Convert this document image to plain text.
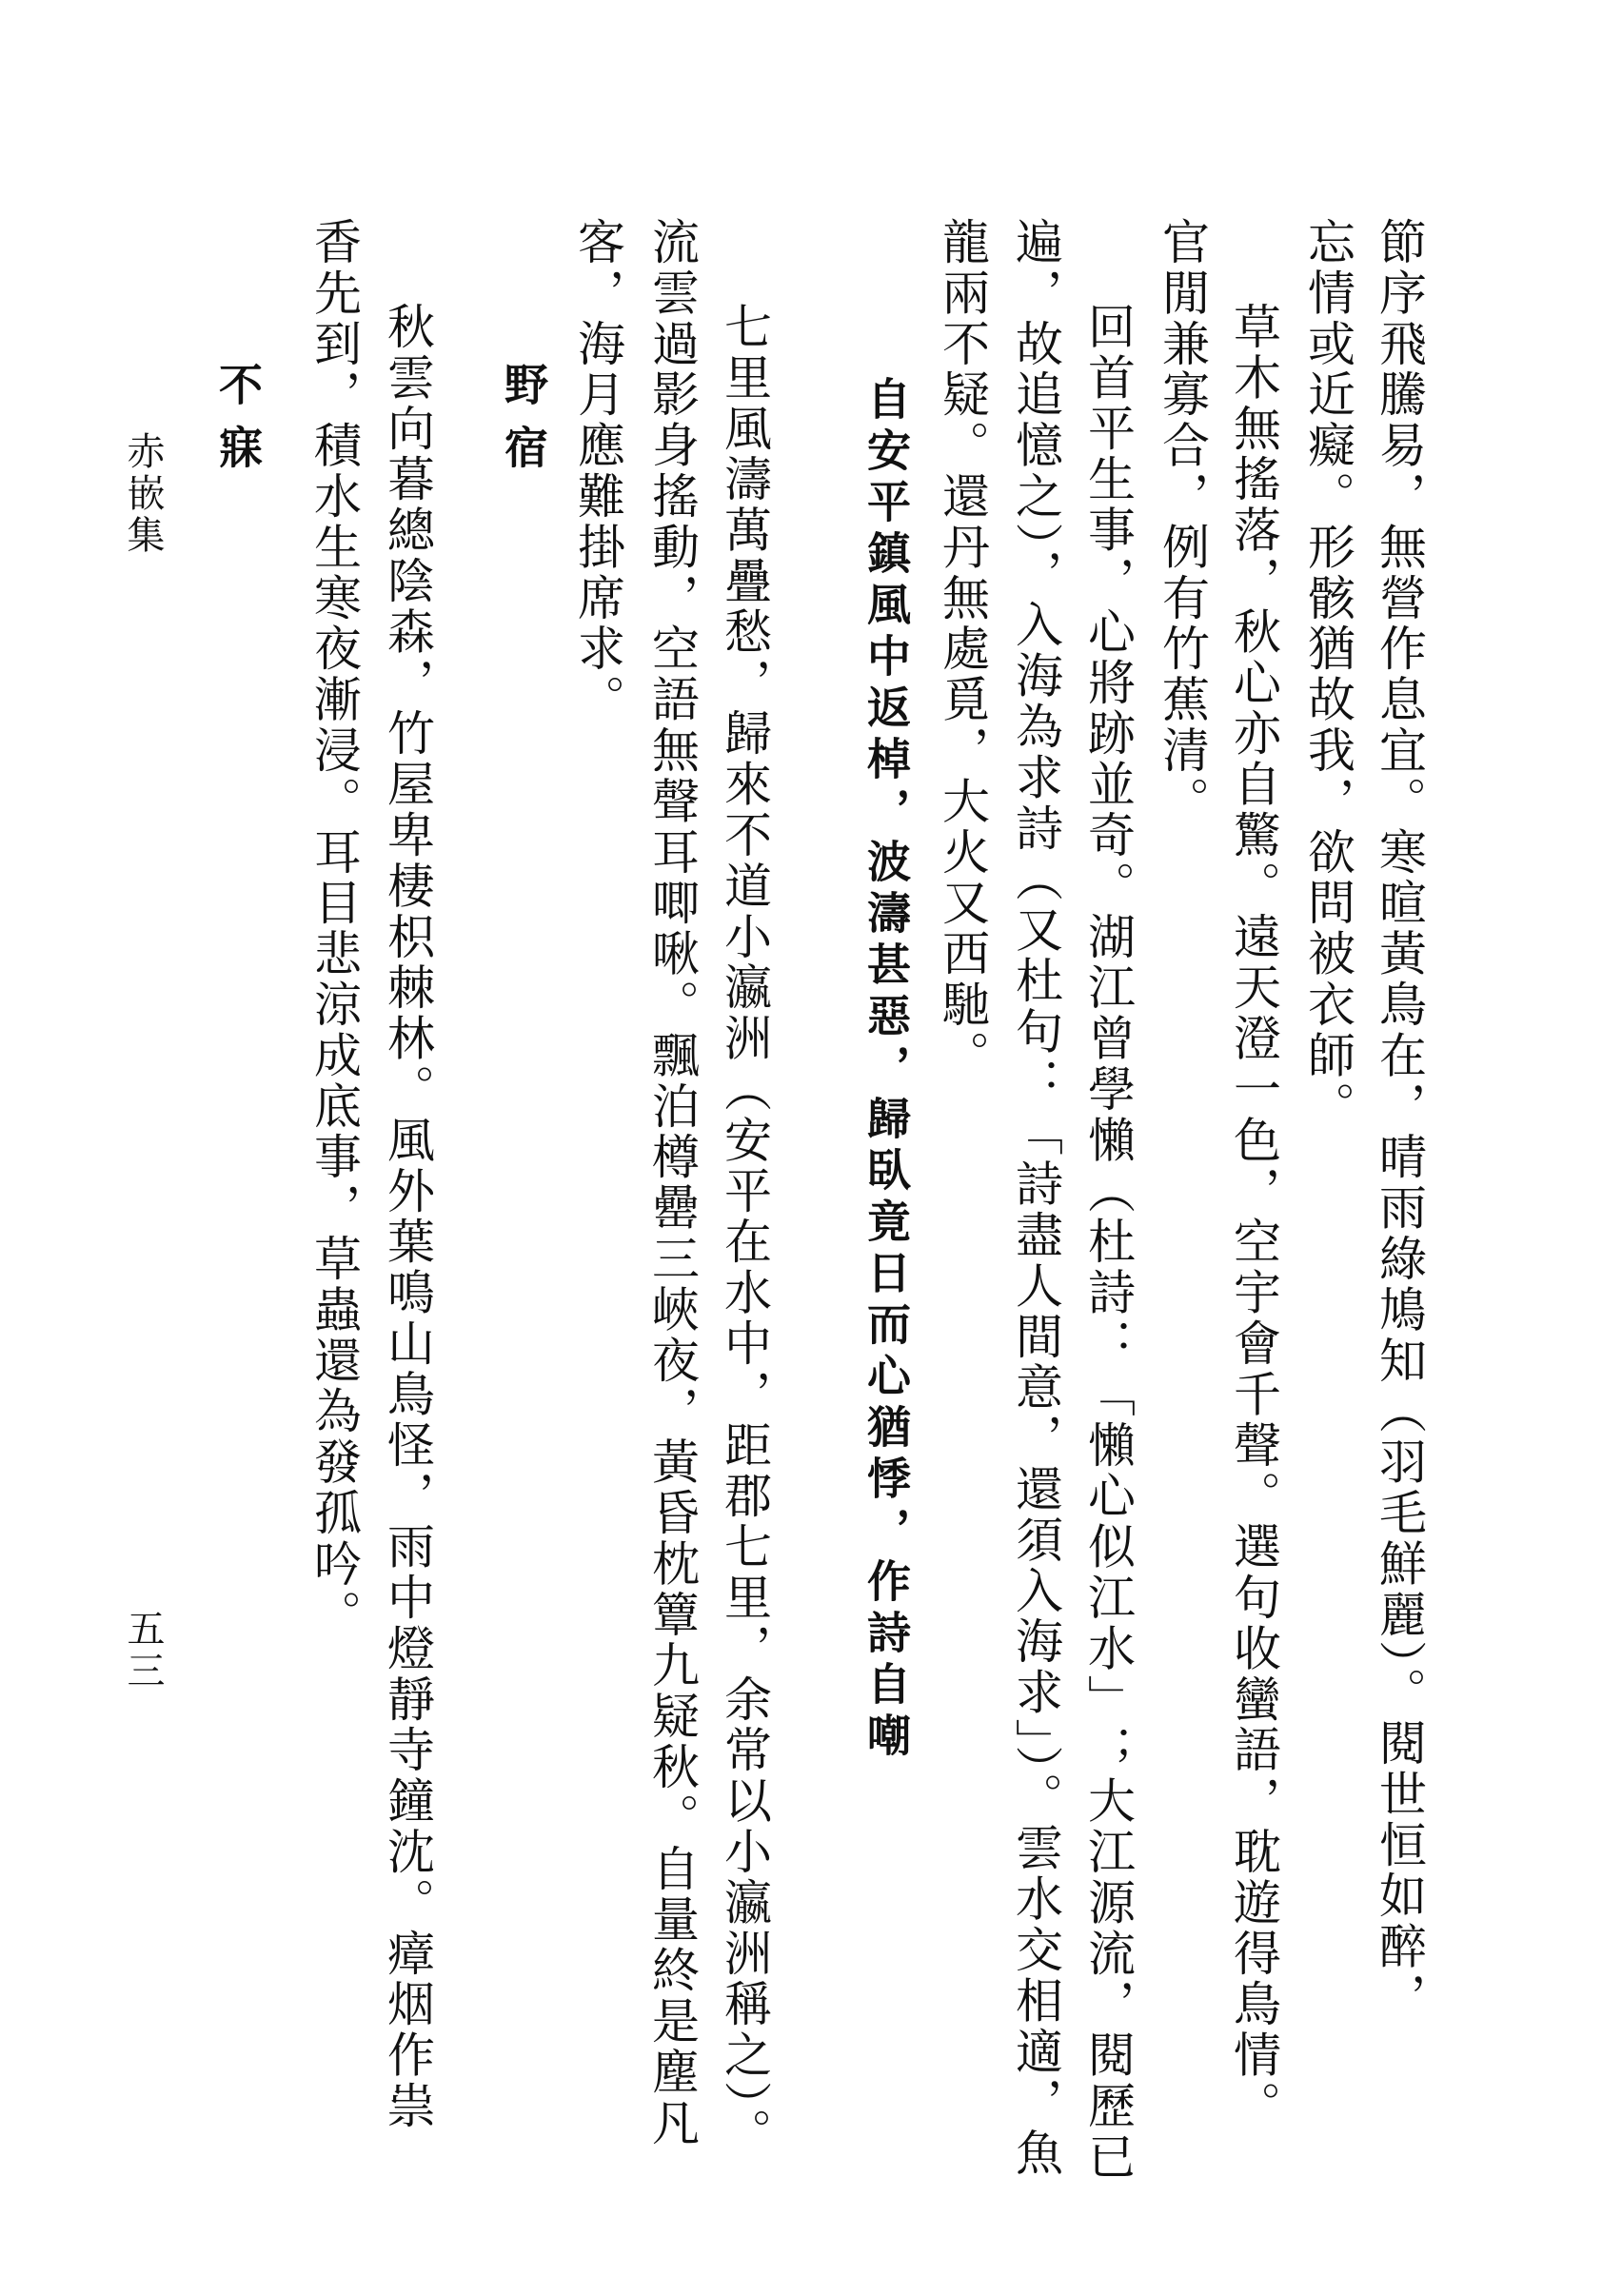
節序飛騰易，無營作息宜。寒暄黃鳥在，晴雨綠鳩知（羽毛鮮麗）。閱世恒如醉，
忘情或近癡。形骸猶故我，欲問被衣師。
草木無搖落，秋心亦自驚。遠天澄一色，空宇會千聲。選句收蠻語，耽遊得鳥情。
官閒兼寡合，例有竹蕉清。
回首平生事，心將跡並奇。湖江曾學懶（杜詩：「懶心似江水」；大江源流，閱歷已
遍，故追憶之），入海為求詩（又杜句：「詩盡人間意，還須入海求」）。雲水交相適，魚
龍兩不疑。還丹無處覓，大火又西馳。
自安平鎮風中返棹，波濤甚惡，歸臥竟日而心猶悸，作詩自嘲
七里風濤萬疊愁，歸來不道小瀛洲（安平在水中，距郡七里，余常以小瀛洲稱之）。
流雲過影身搖動，空語無聲耳唧啾。飄泊樽罍三峽夜，黃昏枕簟九疑秋。自量終是塵凡
客，海月應難掛席求。
野宿
秋雲向暮總陰森，竹屋卑棲枳棘林。風外葉鳴山鳥怪，雨中燈靜寺鐘沈。瘴烟作祟
香先到，積水生寒夜漸浸。耳目悲涼成底事，草蟲還為發孤吟。
不寐
赤嵌集
五三
